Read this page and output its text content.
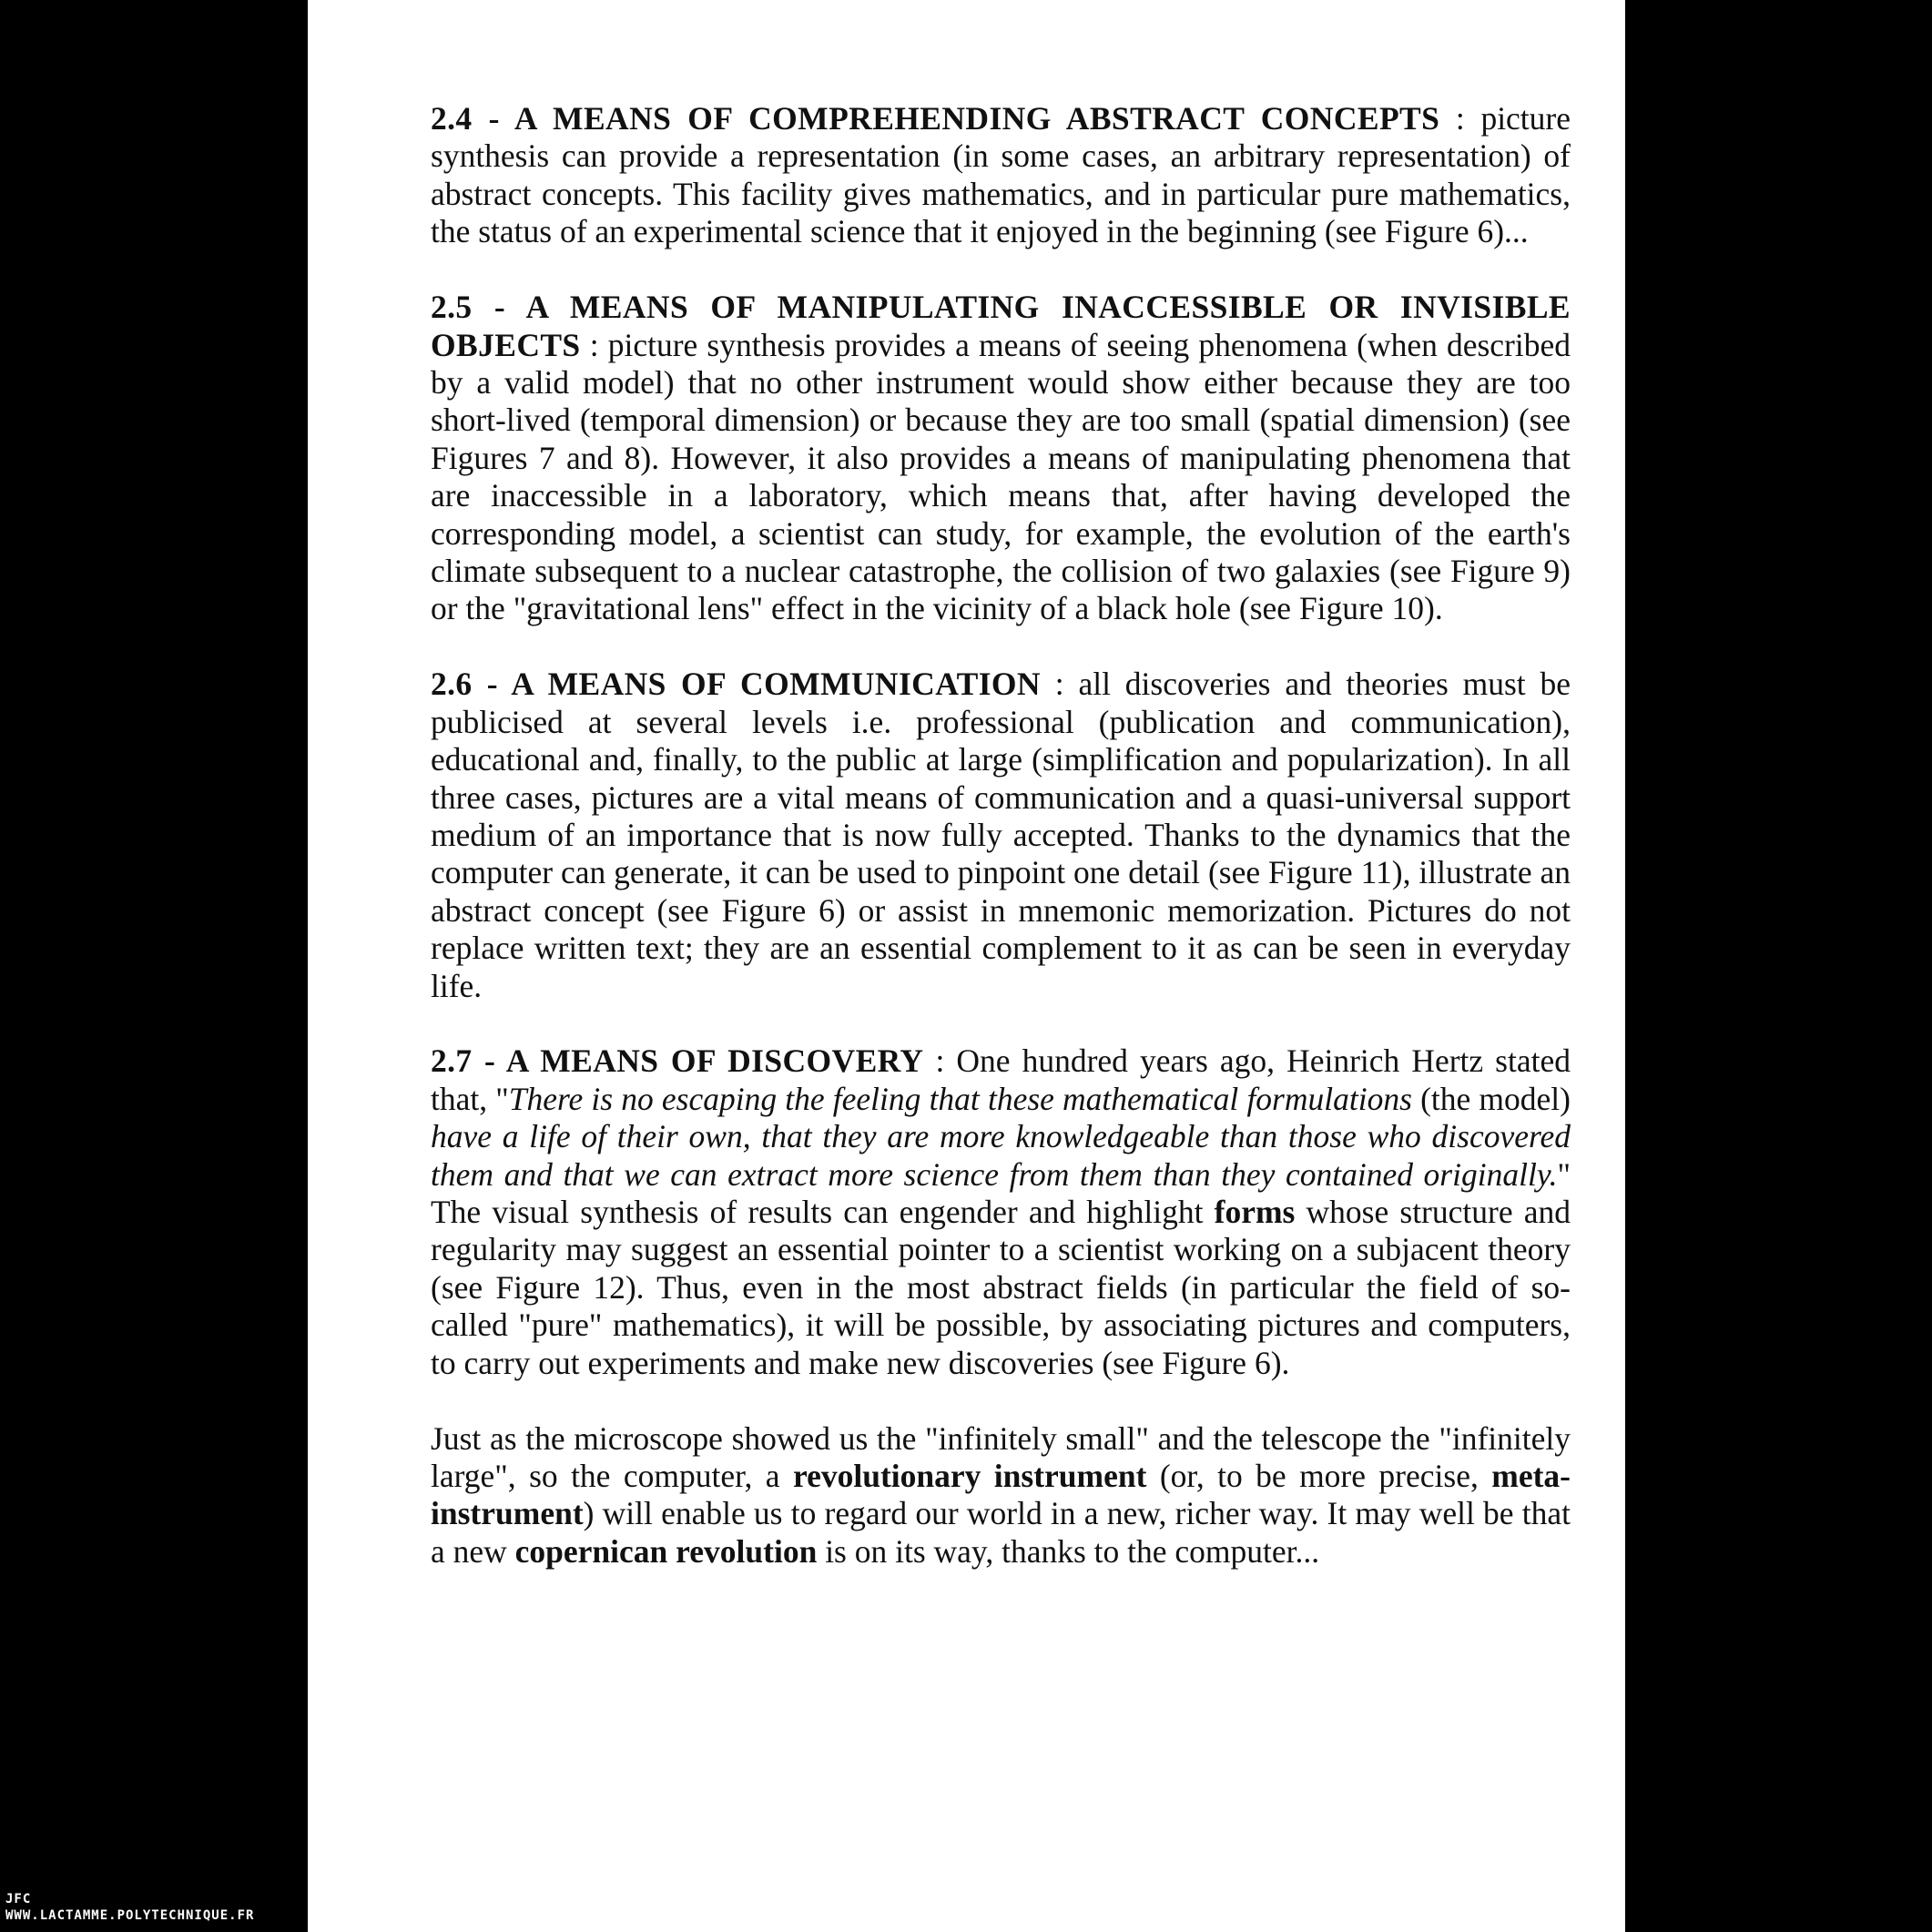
2.4 - A MEANS OF COMPREHENDING ABSTRACT CONCEPTS : picture synthesis can provide a representation (in some cases, an arbitrary representation) of abstract concepts. This facility gives mathematics, and in particular pure mathematics, the status of an experimental science that it enjoyed in the beginning (see Figure 6)...

2.5 - A MEANS OF MANIPULATING INACCESSIBLE OR INVISIBLE OBJECTS : picture synthesis provides a means of seeing phenomena (when described by a valid model) that no other instrument would show either because they are too short-lived (temporal dimension) or because they are too small (spatial dimension) (see Figures 7 and 8). However, it also provides a means of manipulating phenomena that are inaccessible in a laboratory, which means that, after having developed the corresponding model, a scientist can study, for example, the evolution of the earth's climate subsequent to a nuclear catastrophe, the collision of two galaxies (see Figure 9) or the "gravitational lens" effect in the vicinity of a black hole (see Figure 10).

2.6 - A MEANS OF COMMUNICATION : all discoveries and theories must be publicised at several levels i.e. professional (publication and communication), educational and, finally, to the public at large (simplification and popularization). In all three cases, pictures are a vital means of communication and a quasi-universal support medium of an importance that is now fully accepted. Thanks to the dynamics that the computer can generate, it can be used to pinpoint one detail (see Figure 11), illustrate an abstract concept (see Figure 6) or assist in mnemonic memorization. Pictures do not replace written text; they are an essential complement to it as can be seen in everyday life.

2.7 - A MEANS OF DISCOVERY : One hundred years ago, Heinrich Hertz stated that, "There is no escaping the feeling that these mathematical formulations (the model) have a life of their own, that they are more knowledgeable than those who discovered them and that we can extract more science from them than they contained originally." The visual synthesis of results can engender and highlight forms whose structure and regularity may suggest an essential pointer to a scientist working on a subjacent theory (see Figure 12). Thus, even in the most abstract fields (in particular the field of so-called "pure" mathematics), it will be possible, by associating pictures and computers, to carry out experiments and make new discoveries (see Figure 6).

Just as the microscope showed us the "infinitely small" and the telescope the "infinitely large", so the computer, a revolutionary instrument (or, to be more precise, meta-instrument) will enable us to regard our world in a new, richer way. It may well be that a new copernican revolution is on its way, thanks to the computer...

JFC
WWW.LACTAMME.POLYTECHNIQUE.FR
